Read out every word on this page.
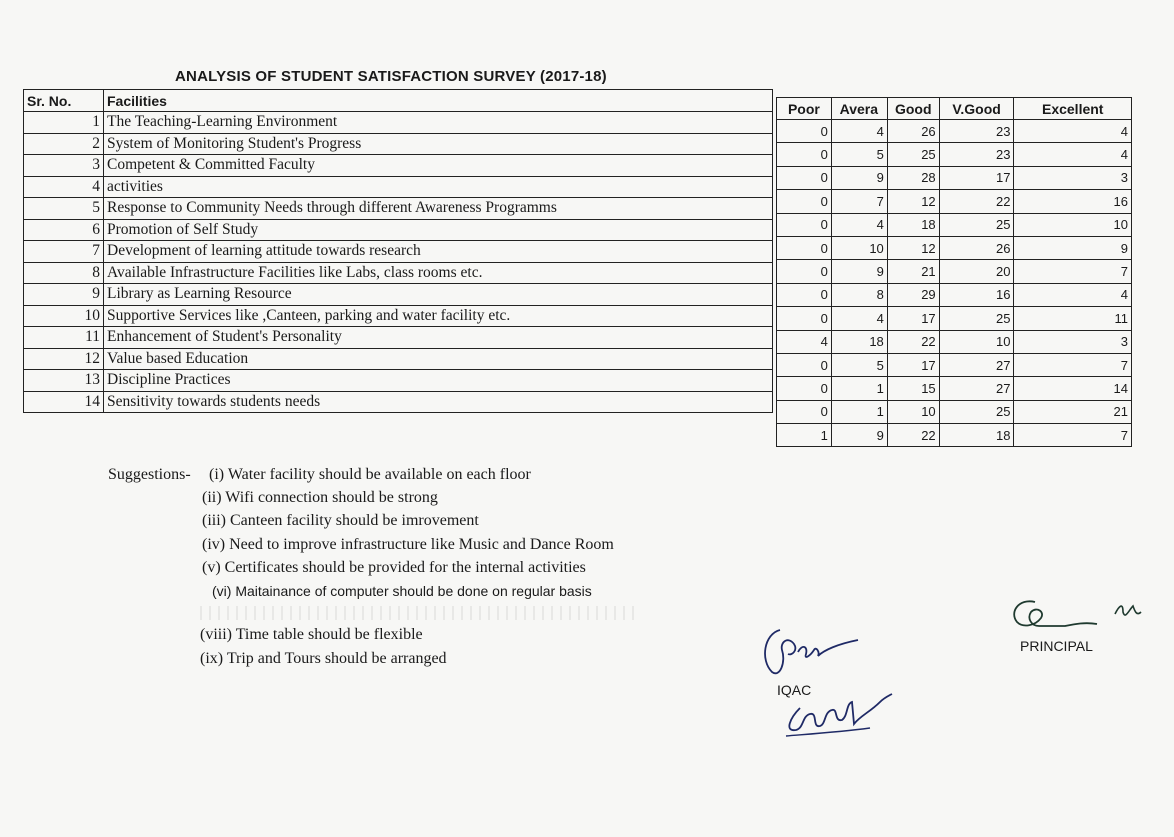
ANALYSIS OF STUDENT SATISFACTION SURVEY (2017-18)
Sr. No.	Facilities
1	The Teaching-Learning Environment
2	System of Monitoring Student's Progress
3	Competent & Committed Faculty
4	activities
5	Response to Community Needs through different Awareness Programms
6	Promotion of Self Study
7	Development of learning attitude towards research
8	Available Infrastructure Facilities like Labs, class rooms etc.
9	Library as Learning Resource
10	Supportive Services like ,Canteen, parking and water facility etc.
11	Enhancement of Student's Personality
12	Value based Education
13	Discipline Practices
14	Sensitivity towards students needs
Poor	Avera	Good	V.Good	Excellent

0	4	26	23	4
0	5	25	23	4
0	9	28	17	3
0	7	12	22	16
0	4	18	25	10
0	10	12	26	9
0	9	21	20	7
0	8	29	16	4
0	4	17	25	11
4	18	22	10	3
0	5	17	27	7
0	1	15	27	14
0	1	10	25	21
1	9	22	18	7
Suggestions- (i) Water facility should be available on each floor
(ii) Wifi connection should be strong
(iii) Canteen facility should be imrovement
(iv) Need to improve infrastructure like Music and Dance Room
(v) Certificates should be provided for the internal activities
(vi) Maitainance of computer should be done on regular basis
(viii) Time table should be flexible
(ix) Trip and Tours should be arranged
IQAC
PRINCIPAL
